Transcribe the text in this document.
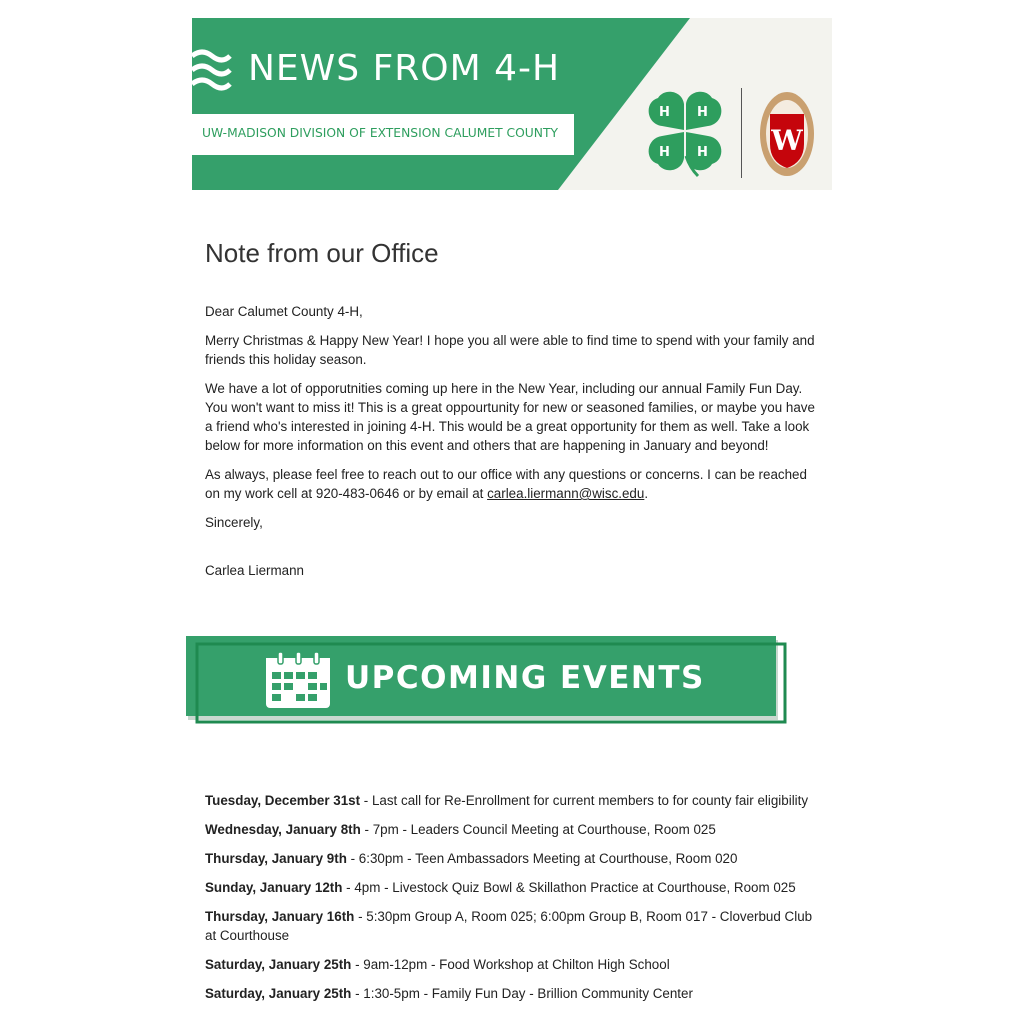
NEWS FROM 4-H
UW-MADISON DIVISION OF EXTENSION CALUMET COUNTY
H H
H H W
Note from our Office

Dear Calumet County 4-H,

Merry Christmas & Happy New Year! I hope you all were able to find time to spend with your family and friends this holiday season.

We have a lot of opporutnities coming up here in the New Year, including our annual Family Fun Day. You won't want to miss it! This is a great oppourtunity for new or seasoned families, or maybe you have a friend who's interested in joining 4-H. This would be a great opportunity for them as well. Take a look below for more information on this event and others that are happening in January and beyond!

As always, please feel free to reach out to our office with any questions or concerns. I can be reached on my work cell at 920-483-0646 or by email at carlea.liermann@wisc.edu.

Sincerely,

Carlea Liermann

UPCOMING EVENTS

Tuesday, December 31st - Last call for Re-Enrollment for current members to for county fair eligibility

Wednesday, January 8th - 7pm - Leaders Council Meeting at Courthouse, Room 025

Thursday, January 9th - 6:30pm - Teen Ambassadors Meeting at Courthouse, Room 020

Sunday, January 12th - 4pm - Livestock Quiz Bowl & Skillathon Practice at Courthouse, Room 025

Thursday, January 16th - 5:30pm Group A, Room 025; 6:00pm Group B, Room 017 - Cloverbud Club at Courthouse

Saturday, January 25th - 9am-12pm - Food Workshop at Chilton High School

Saturday, January 25th - 1:30-5pm - Family Fun Day - Brillion Community Center
